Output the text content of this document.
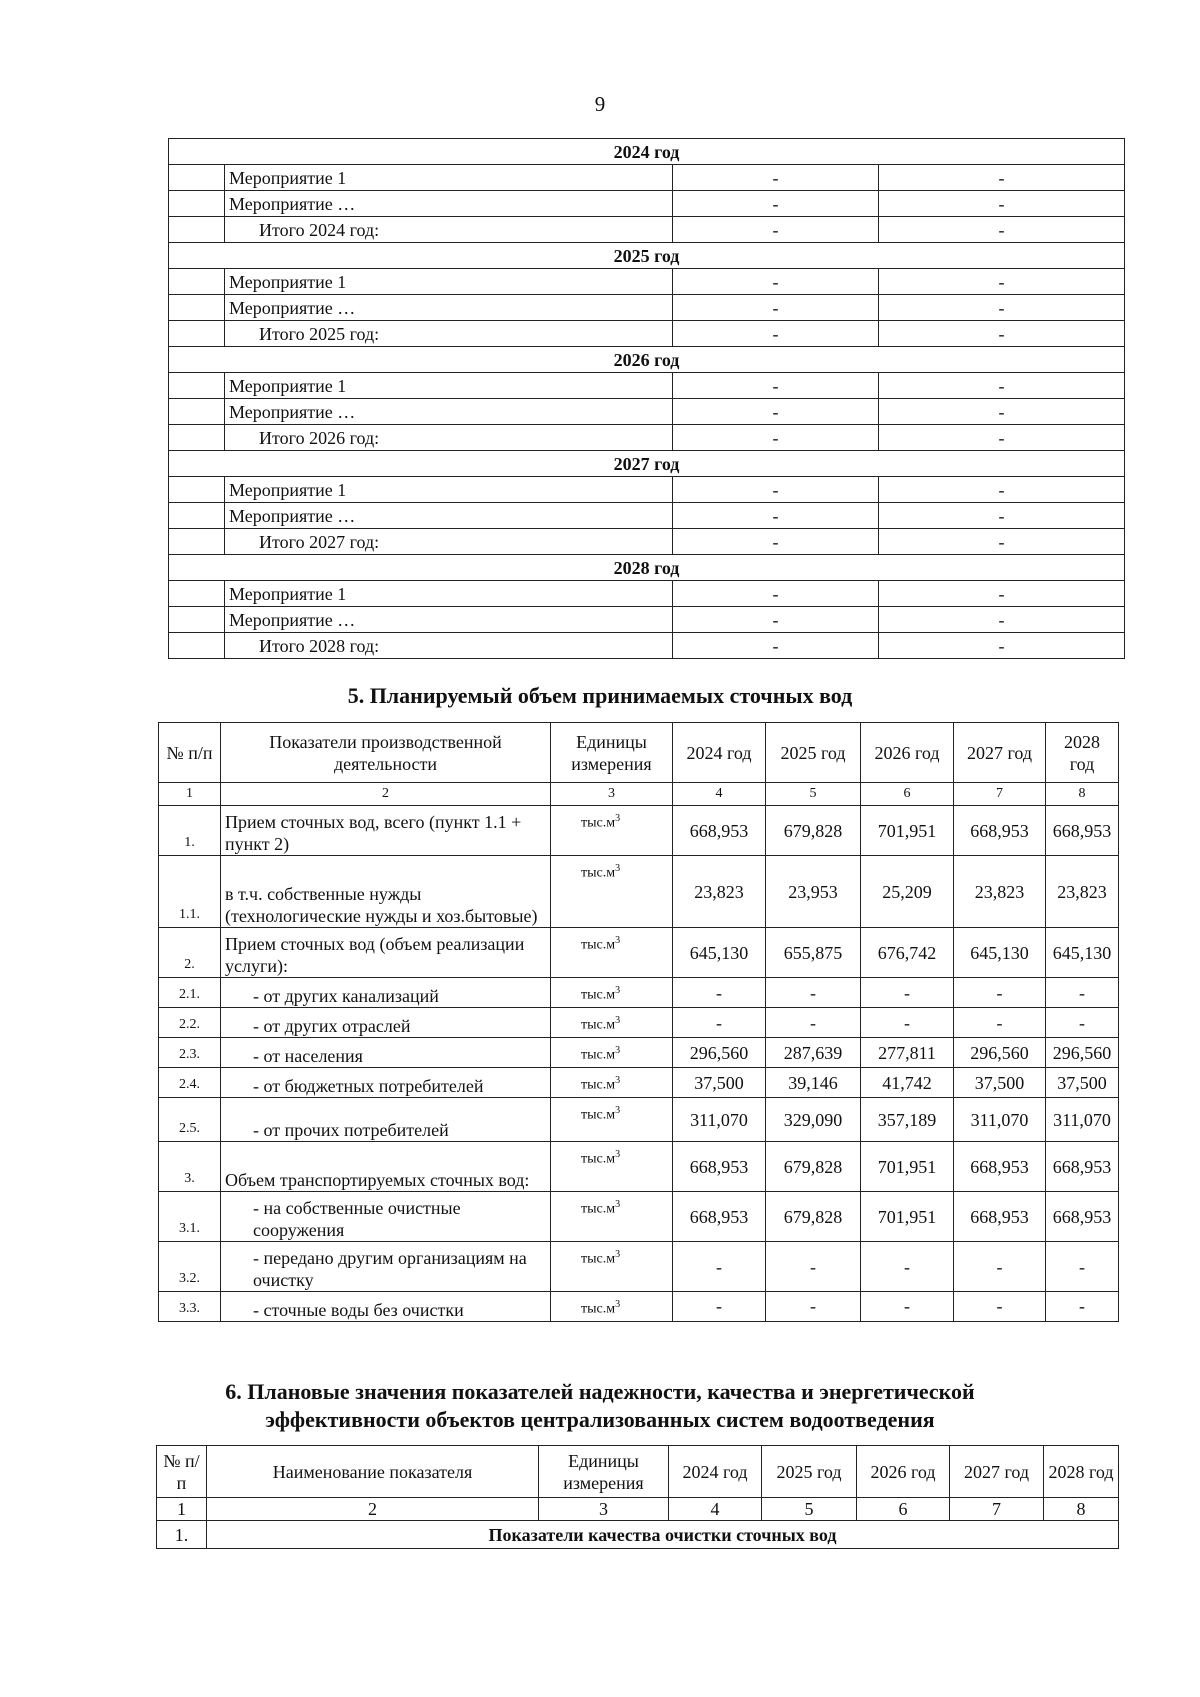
9
2024 год			
	Мероприятие 1	-	-
	Мероприятие …	-	-
	Итого 2024 год:	-	-
2025 год			
	Мероприятие 1	-	-
	Мероприятие …	-	-
	Итого 2025 год:	-	-
2026 год			
	Мероприятие 1	-	-
	Мероприятие …	-	-
	Итого 2026 год:	-	-
2027 год			
	Мероприятие 1	-	-
	Мероприятие …	-	-
	Итого 2027 год:	-	-
2028 год			
	Мероприятие 1	-	-
	Мероприятие …	-	-
	Итого 2028 год:	-	-
5. Планируемый объем принимаемых сточных вод
№ п/п	Показатели производственной деятельности	Единицы измерения	2024 год	2025 год	2026 год	2027 год	2028 год
1	2	3	4	5	6	7	8
1.	Прием сточных вод, всего (пункт 1.1 + пункт 2)	$тыс.м^3$	668,953	679,828	701,951	668,953	668,953
1.1.	в т.ч. собственные нужды (технологические нужды и хоз.бытовые)	$тыс.м^3$	23,823	23,953	25,209	23,823	23,823
2.	Прием сточных вод (объем реализации услуги):	$тыс.м^3$	645,130	655,875	676,742	645,130	645,130
2.1.	- от других канализаций	$тыс.м^3$	-	-	-	-	-
2.2.	- от других отраслей	$тыс.м^3$	-	-	-	-	-
2.3.	- от населения	$тыс.м^3$	296,560	287,639	277,811	296,560	296,560
2.4.	- от бюджетных потребителей	$тыс.м^3$	37,500	39,146	41,742	37,500	37,500
2.5.	- от прочих потребителей	$тыс.м^3$	311,070	329,090	357,189	311,070	311,070
3.	Объем транспортируемых сточных вод:	$тыс.м^3$	668,953	679,828	701,951	668,953	668,953
3.1.	- на собственные очистные сооружения	$тыс.м^3$	668,953	679,828	701,951	668,953	668,953
3.2.	- передано другим организациям на очистку	$тыс.м^3$	-	-	-	-	-
3.3.	- сточные воды без очистки	$тыс.м^3$	-	-	-	-	-
6. Плановые значения показателей надежности, качества и энергетической
эффективности объектов централизованных систем водоотведения
№ п/п	Наименование показателя	Единицы измерения	2024 год	2025 год	2026 год	2027 год	2028 год
1	2	3	4	5	6	7	8
1.	Показатели качества очистки сточных вод						
